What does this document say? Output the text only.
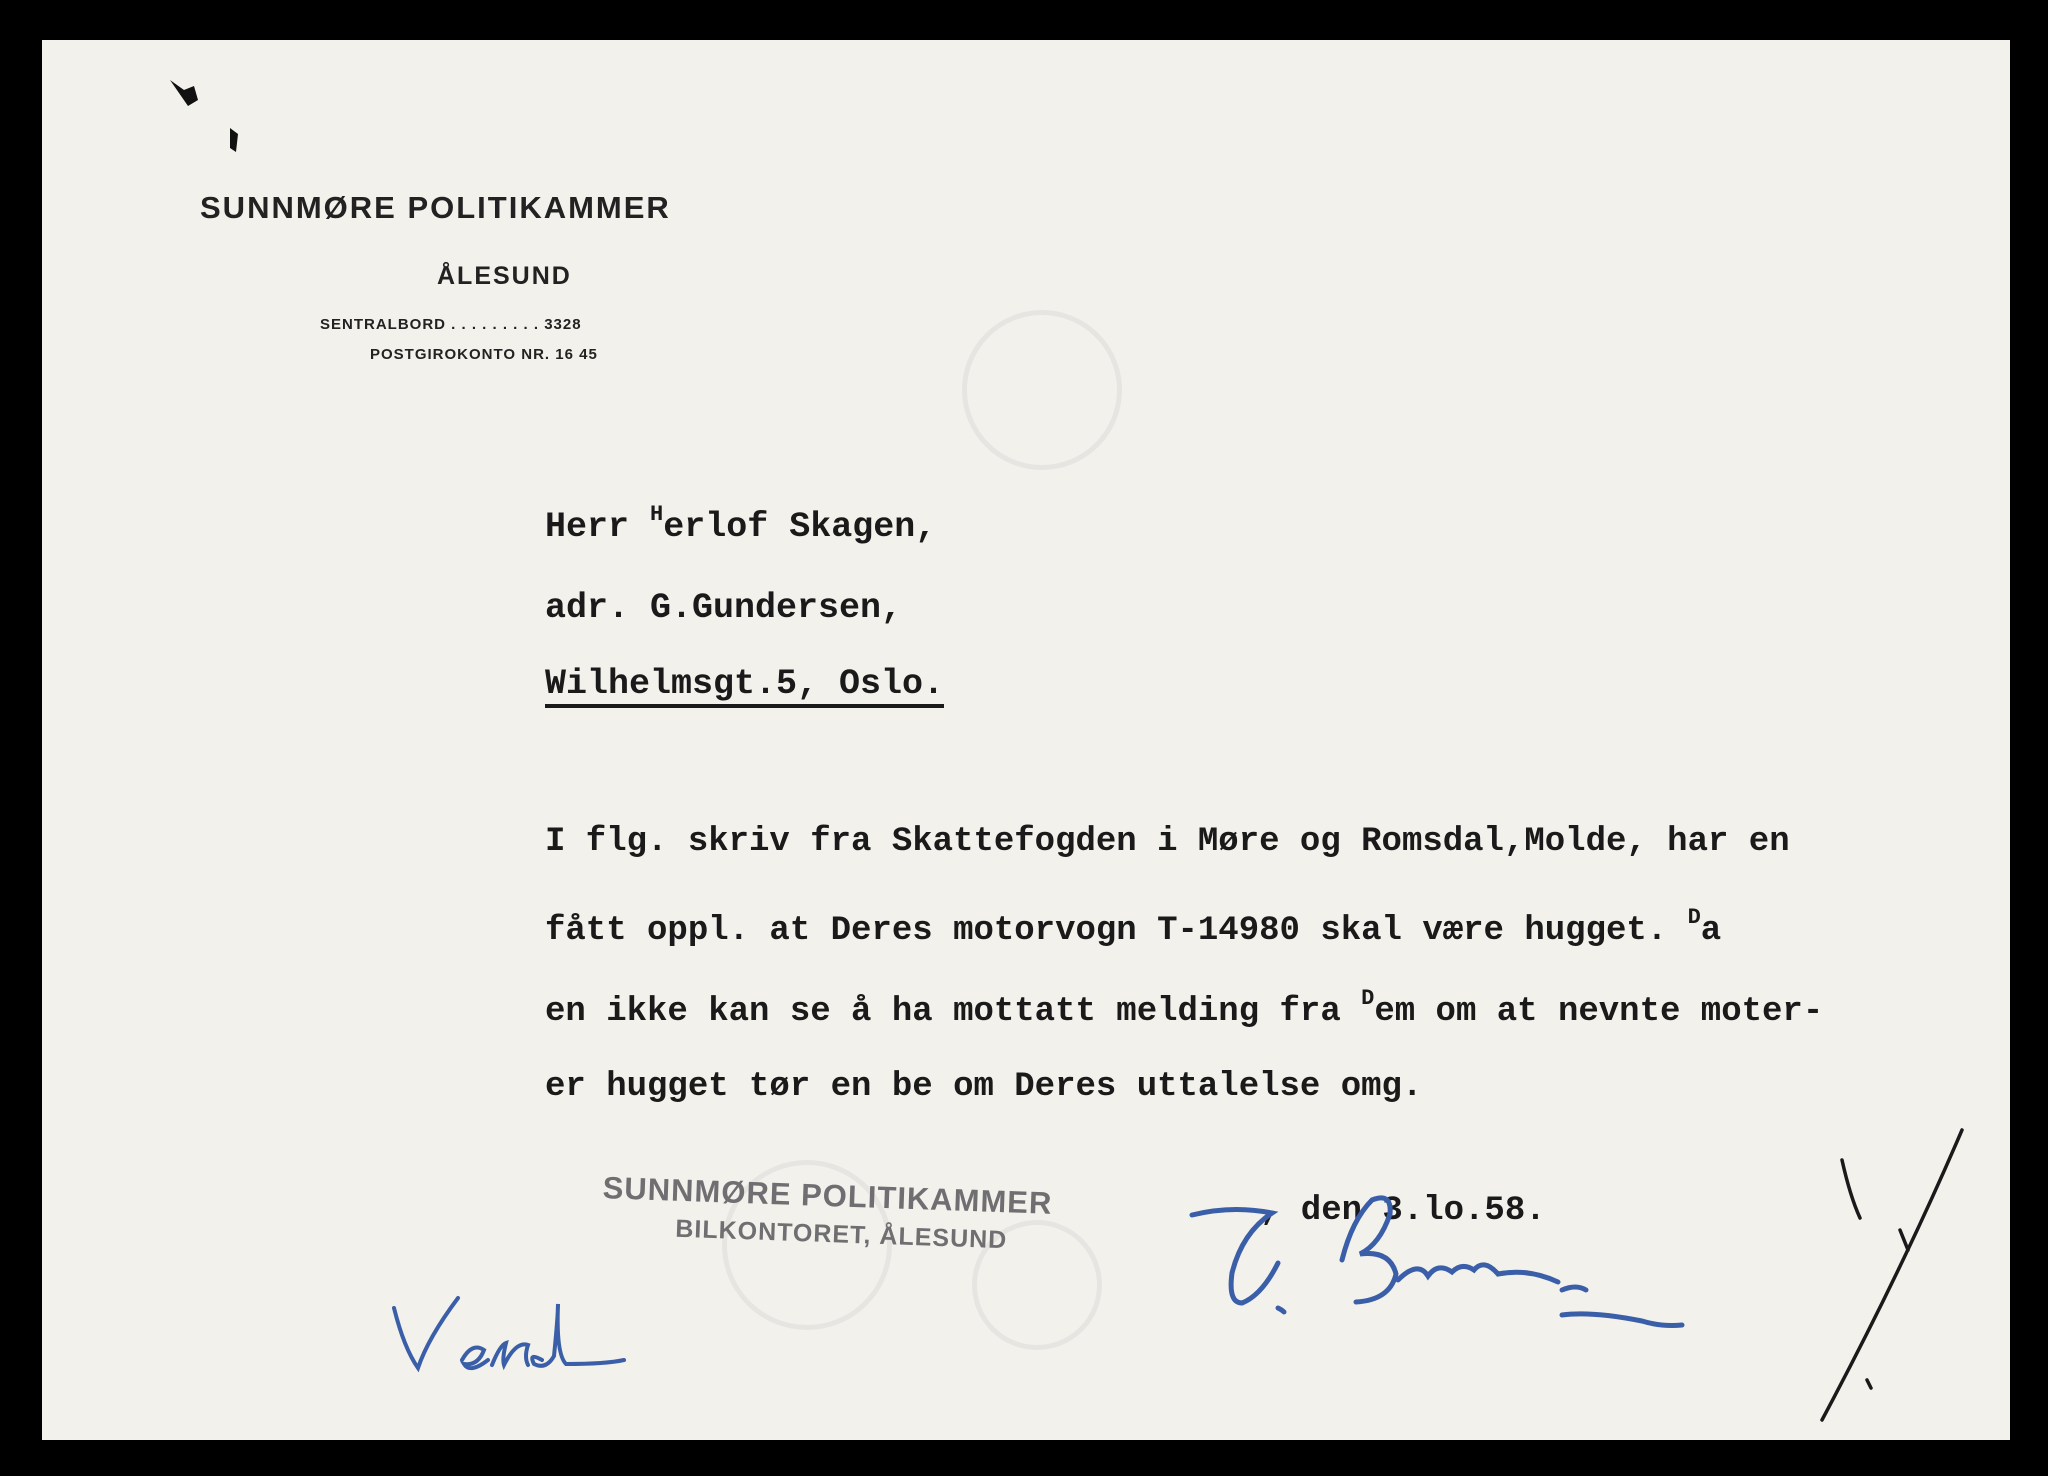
SUNNMØRE POLITIKAMMER
ÅLESUND
SENTRALBORD . . . . . . . . . 3328
POSTGIROKONTO NR. 16 45
Herr $^H$erlof Skagen,
adr. G.Gundersen,
Wilhelmsgt.5, Oslo.
I flg. skriv fra Skattefogden i Møre og Romsdal,Molde, har en
fått oppl. at Deres motorvogn T-14980 skal være hugget. $^D$a
en ikke kan se å ha mottatt melding fra $^D$em om at nevnte moter-
er hugget tør en be om Deres uttalelse omg.
, den 3.lo.58.
SUNNMØRE POLITIKAMMER
BILKONTORET, ÅLESUND
